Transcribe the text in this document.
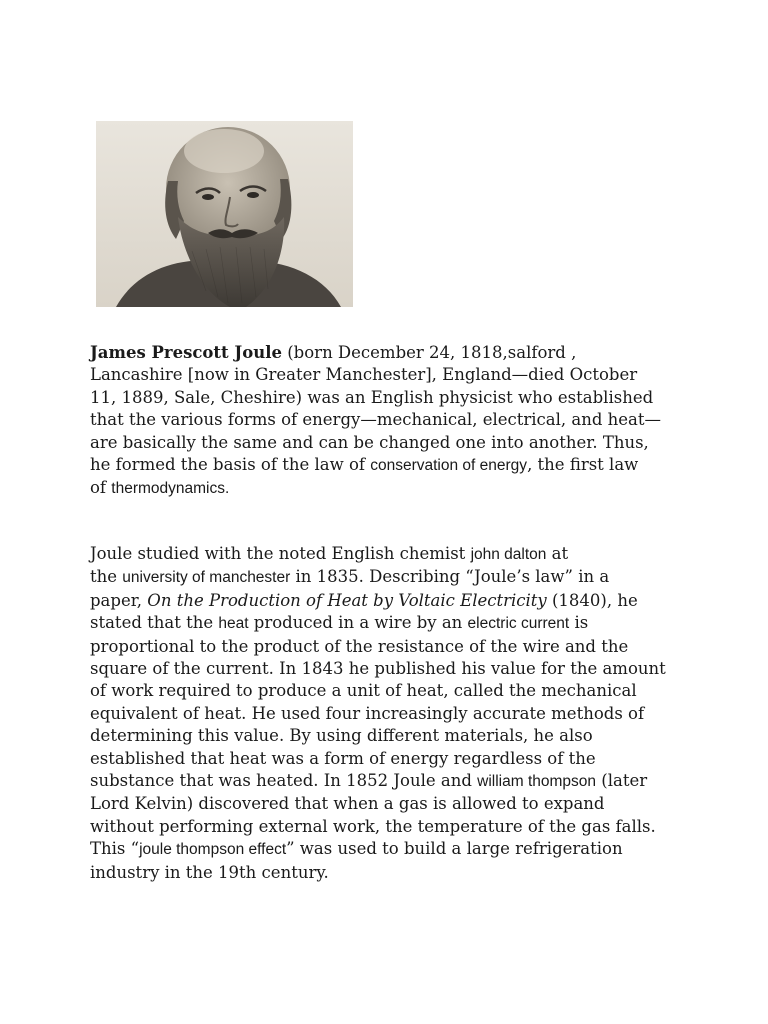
James Prescott Joule (born December 24, 1818,salford ,
Lancashire [now in Greater Manchester], England—died October
11, 1889, Sale, Cheshire) was an English physicist who established
that the various forms of energy—mechanical, electrical, and heat—
are basically the same and can be changed one into another. Thus,
he formed the basis of the law of conservation of energy, the first law
of thermodynamics.

Joule studied with the noted English chemist john dalton at
the university of manchester in 1835. Describing “Joule’s law” in a
paper, On the Production of Heat by Voltaic Electricity (1840), he
stated that the heat produced in a wire by an electric current is
proportional to the product of the resistance of the wire and the
square of the current. In 1843 he published his value for the amount
of work required to produce a unit of heat, called the mechanical
equivalent of heat. He used four increasingly accurate methods of
determining this value. By using different materials, he also
established that heat was a form of energy regardless of the
substance that was heated. In 1852 Joule and william thompson (later
Lord Kelvin) discovered that when a gas is allowed to expand
without performing external work, the temperature of the gas falls.
This “joule thompson effect” was used to build a large refrigeration
industry in the 19th century.
